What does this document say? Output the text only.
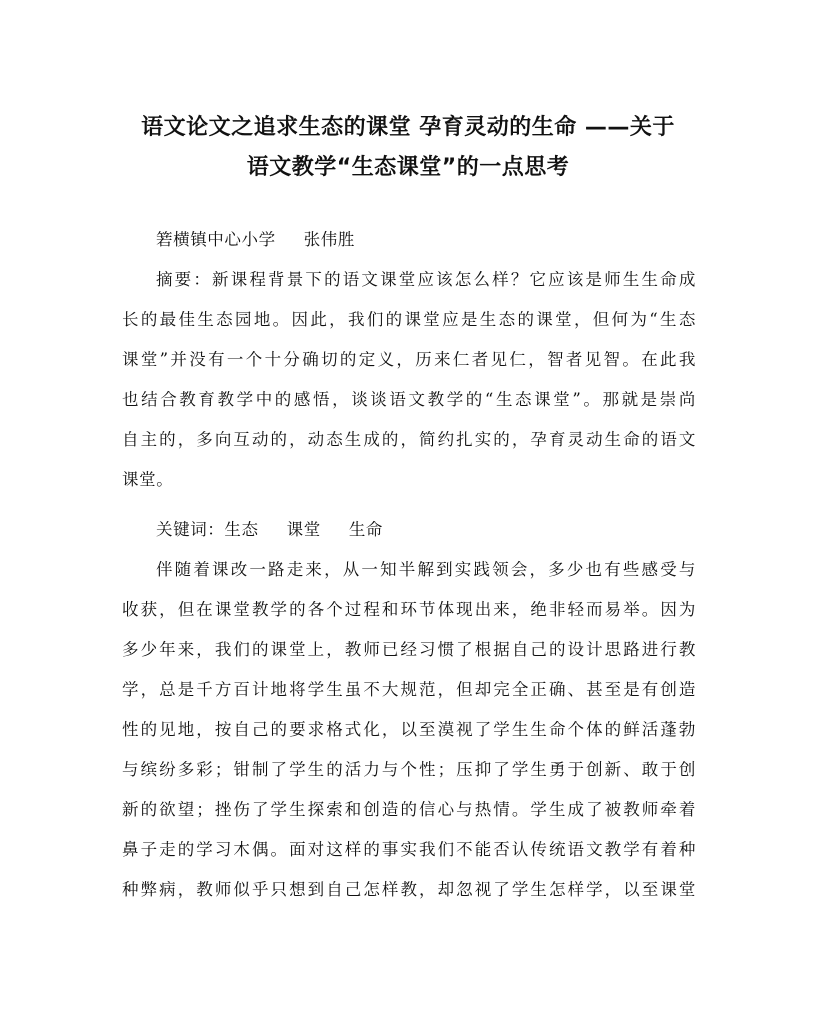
语文论文之追求生态的课堂 孕育灵动的生命 ——关于
语文教学“生态课堂”的一点思考
箬横镇中心小学 张伟胜
摘要：新课程背景下的语文课堂应该怎么样？它应该是师生生命成
长的最佳生态园地。因此，我们的课堂应是生态的课堂，但何为“生态
课堂”并没有一个十分确切的定义，历来仁者见仁，智者见智。在此我
也结合教育教学中的感悟，谈谈语文教学的“生态课堂”。那就是崇尚
自主的，多向互动的，动态生成的，简约扎实的，孕育灵动生命的语文
课堂。
关键词：生态 课堂 生命
伴随着课改一路走来，从一知半解到实践领会，多少也有些感受与
收获，但在课堂教学的各个过程和环节体现出来，绝非轻而易举。因为
多少年来，我们的课堂上，教师已经习惯了根据自己的设计思路进行教
学，总是千方百计地将学生虽不大规范，但却完全正确、甚至是有创造
性的见地，按自己的要求格式化，以至漠视了学生生命个体的鲜活蓬勃
与缤纷多彩；钳制了学生的活力与个性；压抑了学生勇于创新、敢于创
新的欲望；挫伤了学生探索和创造的信心与热情。学生成了被教师牵着
鼻子走的学习木偶。面对这样的事实我们不能否认传统语文教学有着种
种弊病，教师似乎只想到自己怎样教，却忽视了学生怎样学，以至课堂
